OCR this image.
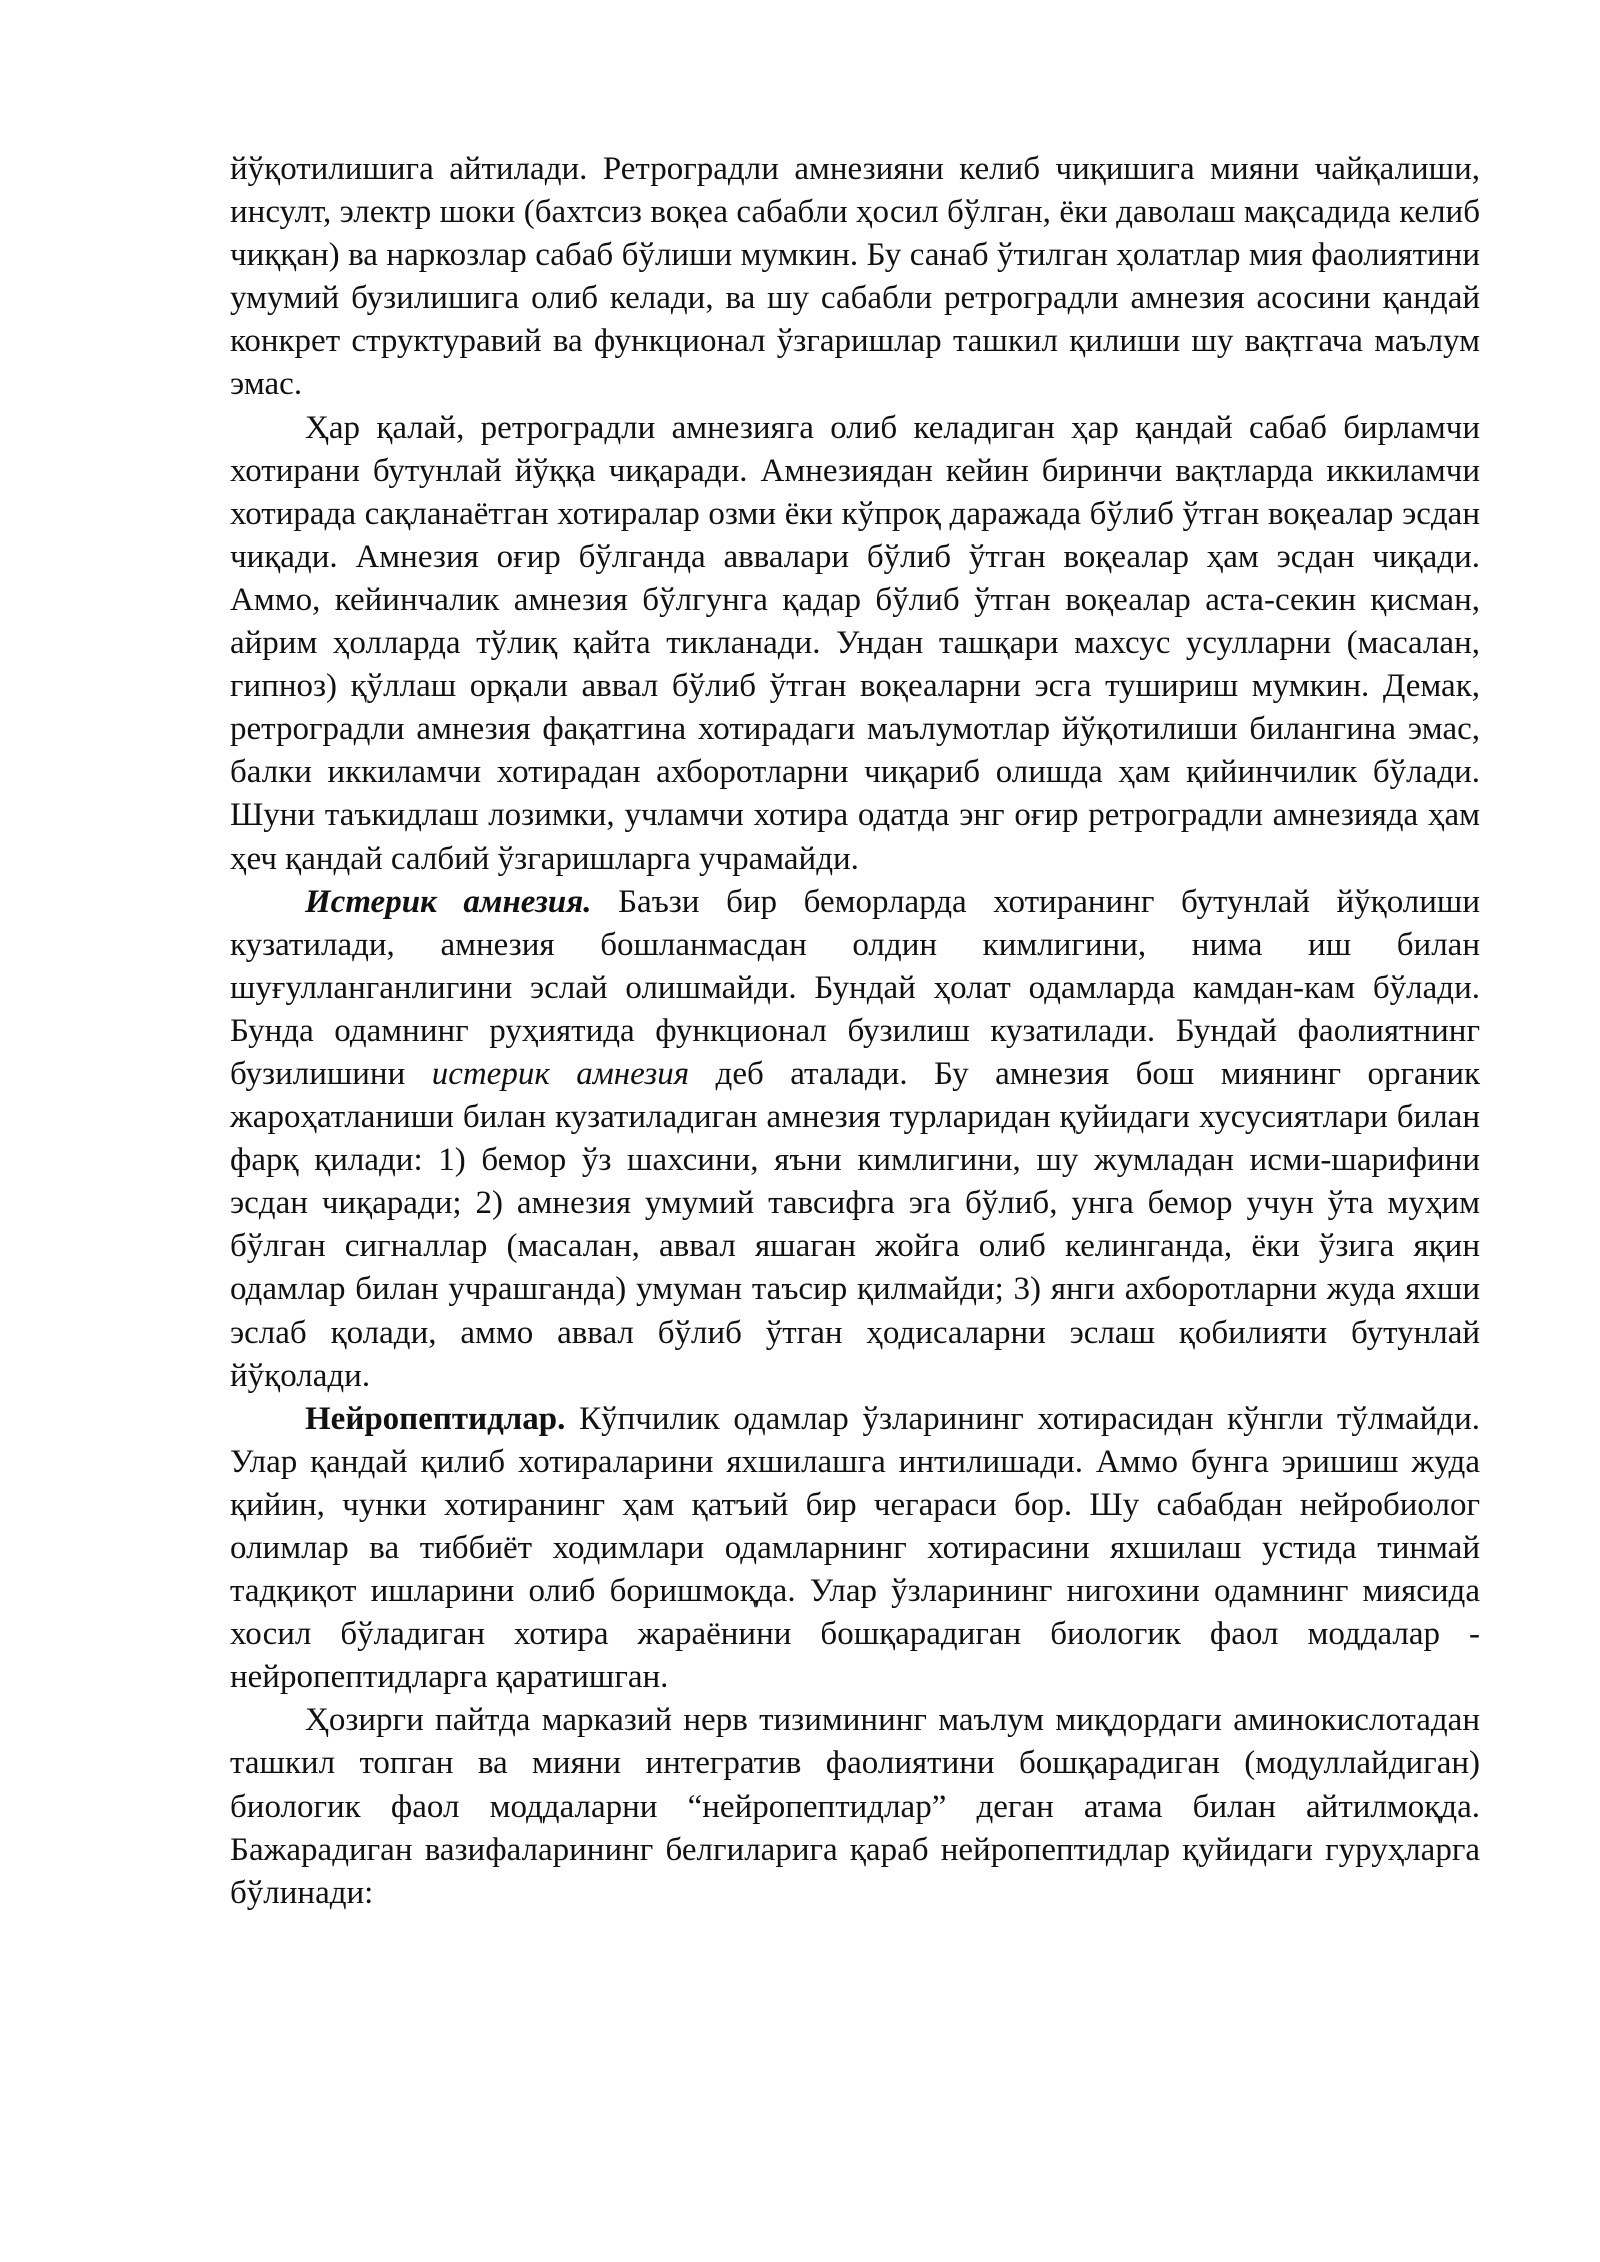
йўқотилишига айтилади. Ретроградли амнезияни келиб чиқишига мияни чайқалиши, инсулт, электр шоки (бахтсиз воқеа сабабли ҳосил бўлган, ёки даволаш мақсадида келиб чиққан) ва наркозлар сабаб бўлиши мумкин. Бу санаб ўтилган ҳолатлар мия фаолиятини умумий бузилишига олиб келади, ва шу сабабли ретроградли амнезия асосини қандай конкрет структуравий ва функционал ўзгаришлар ташкил қилиши шу вақтгача маълум эмас.

Ҳар қалай, ретроградли амнезияга олиб келадиган ҳар қандай сабаб бирламчи хотирани бутунлай йўққа чиқаради. Амнезиядан кейин биринчи вақтларда иккиламчи хотирада сақланаётган хотиралар озми ёки кўпроқ даражада бўлиб ўтган воқеалар эсдан чиқади. Амнезия оғир бўлганда аввалари бўлиб ўтган воқеалар ҳам эсдан чиқади. Аммо, кейинчалик амнезия бўлгунга қадар бўлиб ўтган воқеалар аста-секин қисман, айрим ҳолларда тўлиқ қайта тикланади. Ундан ташқари махсус усулларни (масалан, гипноз) қўллаш орқали аввал бўлиб ўтган воқеаларни эсга тушириш мумкин. Демак, ретроградли амнезия фақатгина хотирадаги маълумотлар йўқотилиши билангина эмас, балки иккиламчи хотирадан ахборотларни чиқариб олишда ҳам қийинчилик бўлади. Шуни таъкидлаш лозимки, учламчи хотира одатда энг оғир ретроградли амнезияда ҳам ҳеч қандай салбий ўзгаришларга учрамайди.

Истерик амнезия. Баъзи бир беморларда хотиранинг бутунлай йўқолиши кузатилади, амнезия бошланмасдан олдин кимлигини, нима иш билан шуғулланганлигини эслай олишмайди. Бундай ҳолат одамларда камдан-кам бўлади. Бунда одамнинг руҳиятида функционал бузилиш кузатилади. Бундай фаолиятнинг бузилишини истерик амнезия деб аталади. Бу амнезия бош миянинг органик жароҳатланиши билан кузатиладиган амнезия турларидан қуйидаги хусусиятлари билан фарқ қилади: 1) бемор ўз шахсини, яъни кимлигини, шу жумладан исми-шарифини эсдан чиқаради; 2) амнезия умумий тавсифга эга бўлиб, унга бемор учун ўта муҳим бўлган сигналлар (масалан, аввал яшаган жойга олиб келинганда, ёки ўзига яқин одамлар билан учрашганда) умуман таъсир қилмайди; 3) янги ахборотларни жуда яхши эслаб қолади, аммо аввал бўлиб ўтган ҳодисаларни эслаш қобилияти бутунлай йўқолади.

Нейропептидлар. Кўпчилик одамлар ўзларининг хотирасидан кўнгли тўлмайди. Улар қандай қилиб хотираларини яхшилашга интилишади. Аммо бунга эришиш жуда қийин, чунки хотиранинг ҳам қатъий бир чегараси бор. Шу сабабдан нейробиолог олимлар ва тиббиёт ходимлари одамларнинг хотирасини яхшилаш устида тинмай тадқиқот ишларини олиб боришмоқда. Улар ўзларининг нигохини одамнинг миясида хосил бўладиган хотира жараёнини бошқарадиган биологик фаол моддалар - нейропептидларга қаратишган.

Ҳозирги пайтда марказий нерв тизимининг маълум миқдордаги аминокислотадан ташкил топган ва мияни интегратив фаолиятини бошқарадиган (модуллайдиган) биологик фаол моддаларни “нейропептидлар” деган атама билан айтилмоқда. Бажарадиган вазифаларининг белгиларига қараб нейропептидлар қуйидаги гуруҳларга бўлинади:
